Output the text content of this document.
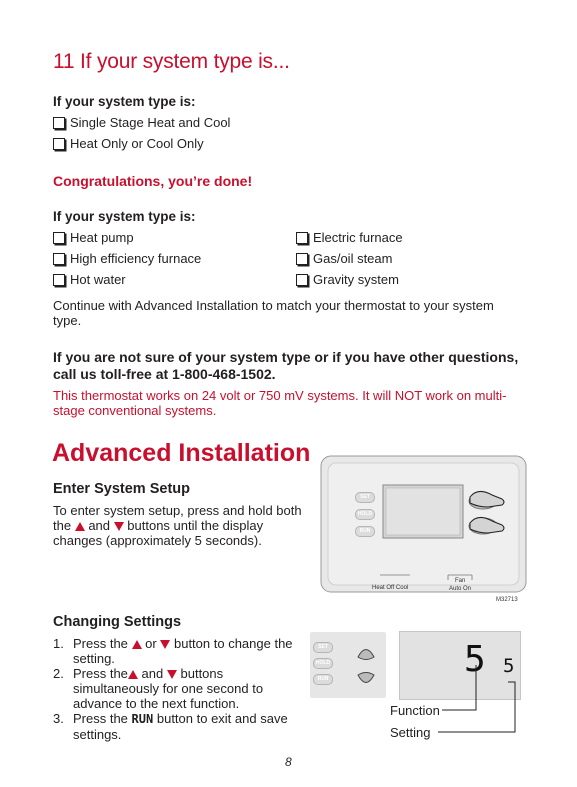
11 If your system type is...
If your system type is:
Single Stage Heat and Cool
Heat Only or Cool Only
Congratulations, you’re done!
If your system type is:
Heat pump
High efficiency furnace
Hot water
Electric furnace
Gas/oil steam
Gravity system
Continue with Advanced Installation to match your thermostat to your system type.
If you are not sure of your system type or if you have other questions, call us toll-free at 1-800-468-1502.
This thermostat works on 24 volt or 750 mV systems. It will NOT work on multi-stage conventional systems.
Advanced Installation
Enter System Setup
To enter system setup, press and hold both the and buttons until the display changes (approximately 5 seconds).
SET
HOLD
RUN
Heat Off Cool
Fan
Auto On
M32713
Changing Settings
1. Press the or button to change the setting.
2. Press the and buttons simultaneously for one second to advance to the next function.
3. Press the RUN button to exit and save settings.
SET
HOLD
RUN	5 5
Function
Setting
8
